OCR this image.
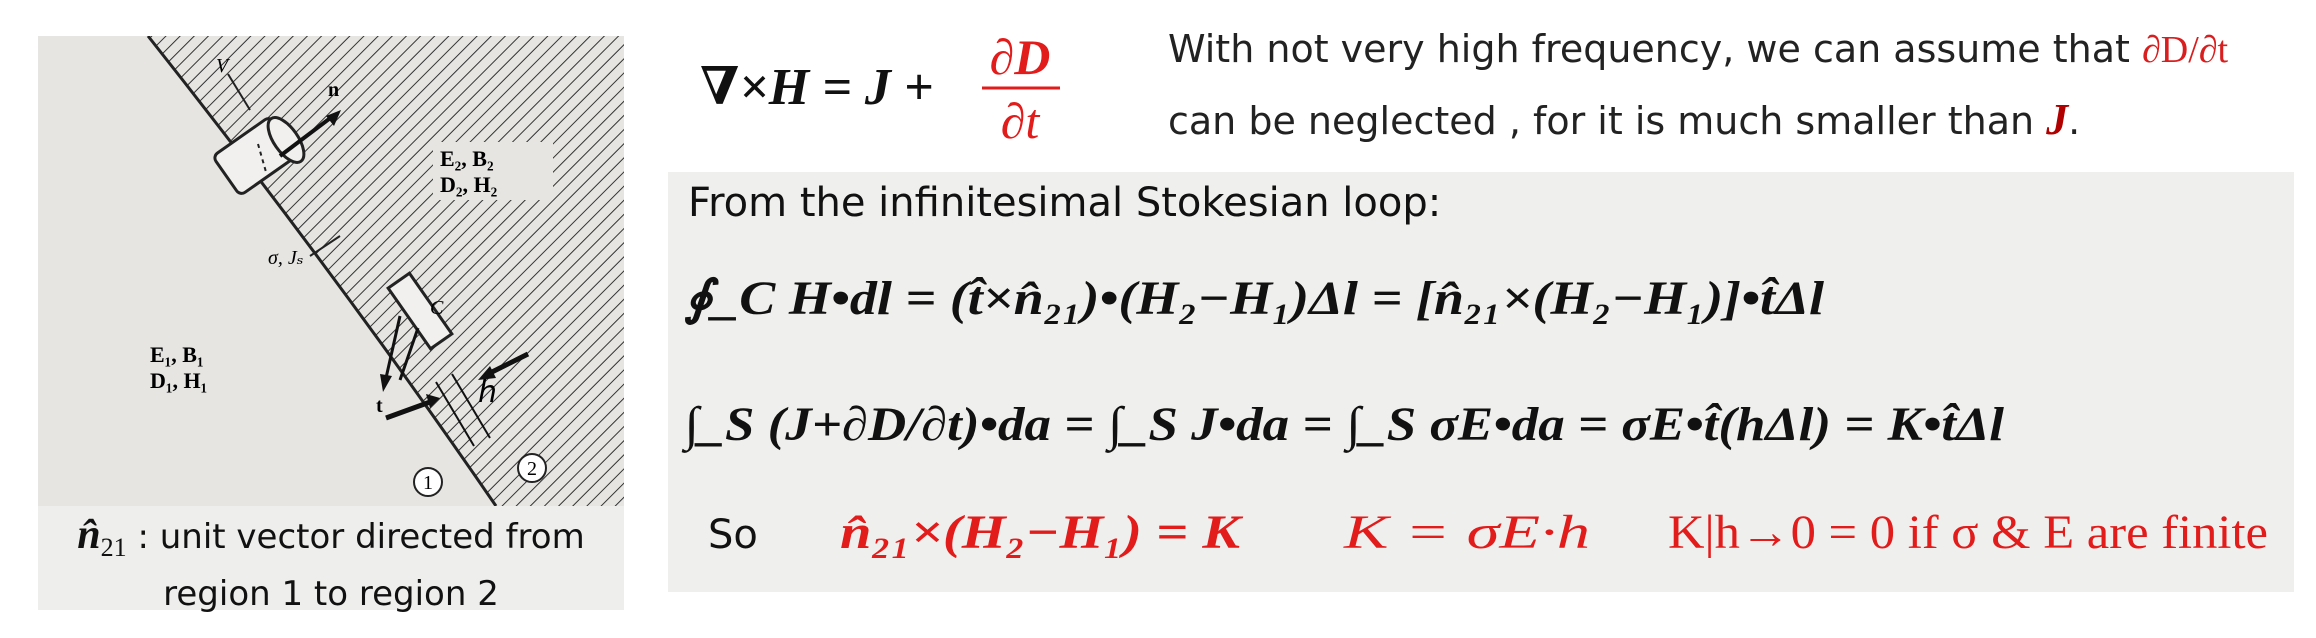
V
n
E₂, B₂
D₂, H₂
σ, Jₛ
C
t	h
E₁, B₁
D₁, H₁
1
2
$n̂_{21}$ : unit vector directed from
region 1 to region 2
∇×H = J +
∂D
∂t
With not very high frequency, we can assume that ∂D/∂t
can be neglected , for it is much smaller than J.
From the infinitesimal Stokesian loop:
∮_C H•dl = (t̂×n̂₂₁)•(H₂−H₁)Δl = [n̂₂₁×(H₂−H₁)]•t̂Δl
∫_S (J+∂D/∂t)•da = ∫_S J•da = ∫_S σE•da = σE•t̂(hΔl) = K•t̂Δl
So n̂₂₁×(H₂−H₁) = K K = σE·h K|h→0 = 0 if σ & E are finite
